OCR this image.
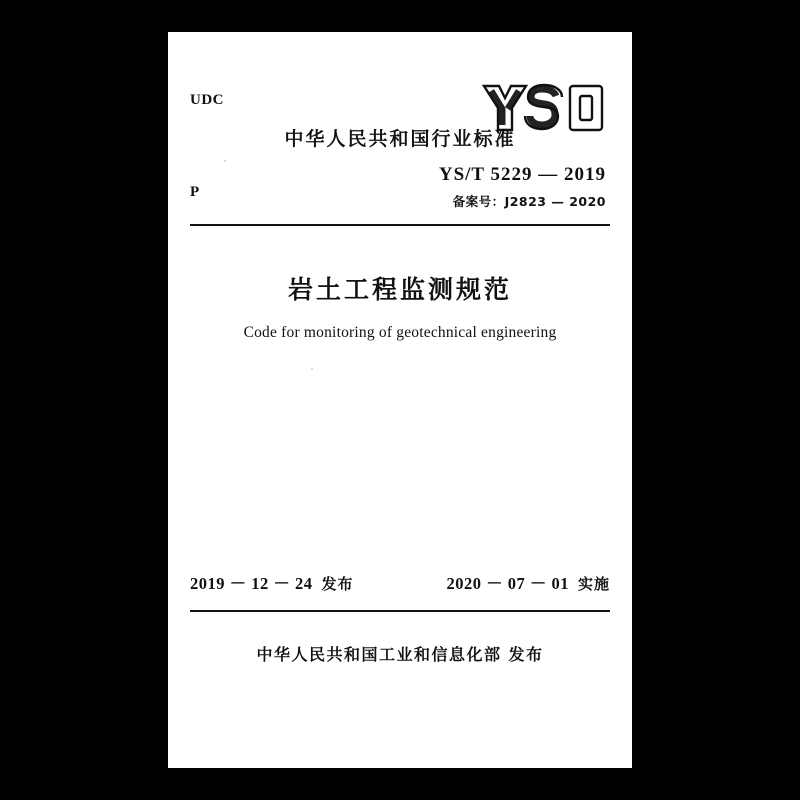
UDC
P
中华人民共和国行业标准
YS/T 5229 — 2019
备案号：J2823 — 2020
岩土工程监测规范
Code for monitoring of geotechnical engineering
2019 － 12 － 24 发布	2020 － 07 － 01 实施
中华人民共和国工业和信息化部 发布
